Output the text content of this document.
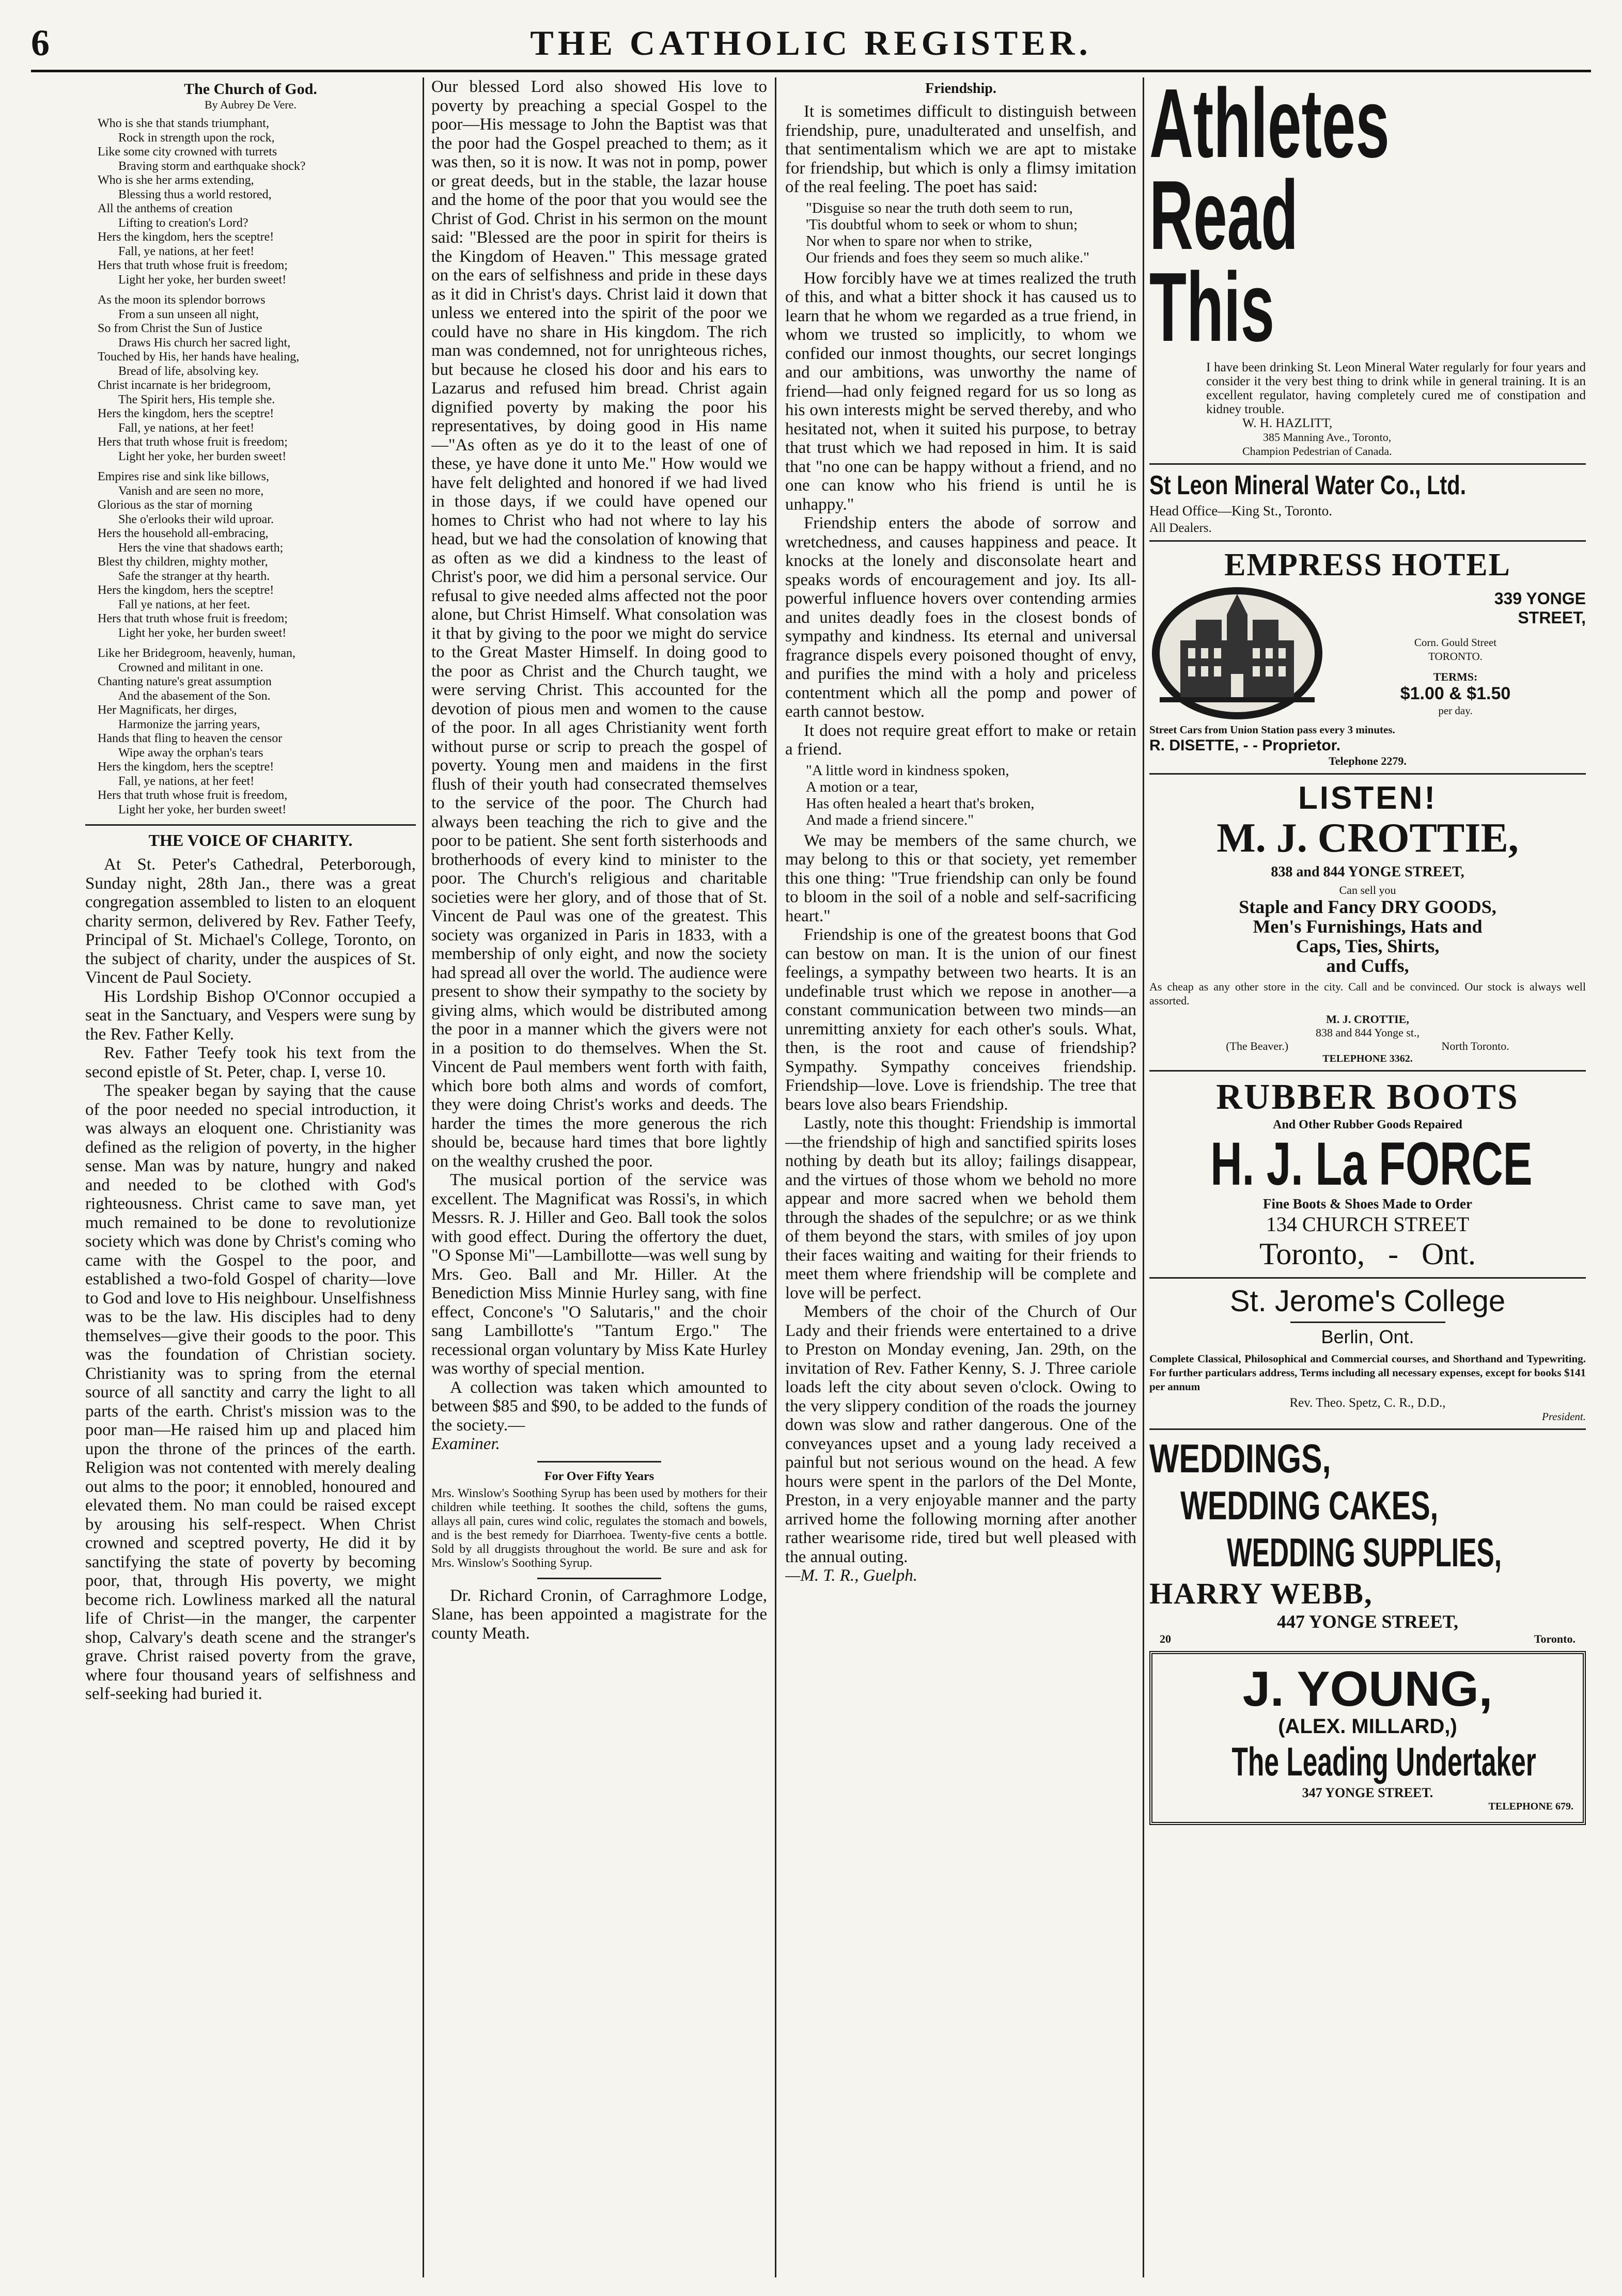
6	THE CATHOLIC REGISTER.

The Church of God.

By Aubrey De Vere.

Who is she that stands triumphant,
Rock in strength upon the rock,
Like some city crowned with turrets
Braving storm and earthquake shock?
Who is she her arms extending,
Blessing thus a world restored,
All the anthems of creation
Lifting to creation's Lord?
Hers the kingdom, hers the sceptre!
Fall, ye nations, at her feet!
Hers that truth whose fruit is freedom;
Light her yoke, her burden sweet!
As the moon its splendor borrows
From a sun unseen all night,
So from Christ the Sun of Justice
Draws His church her sacred light,
Touched by His, her hands have healing,
Bread of life, absolving key.
Christ incarnate is her bridegroom,
The Spirit hers, His temple she.
Hers the kingdom, hers the sceptre!
Fall, ye nations, at her feet!
Hers that truth whose fruit is freedom;
Light her yoke, her burden sweet!
Empires rise and sink like billows,
Vanish and are seen no more,
Glorious as the star of morning
She o'erlooks their wild uproar.
Hers the household all-embracing,
Hers the vine that shadows earth;
Blest thy children, mighty mother,
Safe the stranger at thy hearth.
Hers the kingdom, hers the sceptre!
Fall ye nations, at her feet.
Hers that truth whose fruit is freedom;
Light her yoke, her burden sweet!
Like her Bridegroom, heavenly, human,
Crowned and militant in one.
Chanting nature's great assumption
And the abasement of the Son.
Her Magnificats, her dirges,
Harmonize the jarring years,
Hands that fling to heaven the censor
Wipe away the orphan's tears
Hers the kingdom, hers the sceptre!
Fall, ye nations, at her feet!
Hers that truth whose fruit is freedom,
Light her yoke, her burden sweet!

THE VOICE OF CHARITY.

At St. Peter's Cathedral, Peterborough, Sunday night, 28th Jan., there was a great congregation assembled to listen to an eloquent charity sermon, delivered by Rev. Father Teefy, Principal of St. Michael's College, Toronto, on the subject of charity, under the auspices of St. Vincent de Paul Society.

His Lordship Bishop O'Connor occupied a seat in the Sanctuary, and Vespers were sung by the Rev. Father Kelly.

Rev. Father Teefy took his text from the second epistle of St. Peter, chap. I, verse 10.

The speaker began by saying that the cause of the poor needed no special introduction, it was always an eloquent one. Christianity was defined as the religion of poverty, in the higher sense. Man was by nature, hungry and naked and needed to be clothed with God's righteousness. Christ came to save man, yet much remained to be done to revolutionize society which was done by Christ's coming who came with the Gospel to the poor, and established a two-fold Gospel of charity—love to God and love to His neighbour. Unselfishness was to be the law. His disciples had to deny themselves—give their goods to the poor. This was the foundation of Christian society. Christianity was to spring from the eternal source of all sanctity and carry the light to all parts of the earth. Christ's mission was to the poor man—He raised him up and placed him upon the throne of the princes of the earth. Religion was not contented with merely dealing out alms to the poor; it ennobled, honoured and elevated them. No man could be raised except by arousing his self-respect. When Christ crowned and sceptred poverty, He did it by sanctifying the state of poverty by becoming poor, that, through His poverty, we might become rich. Lowliness marked all the natural life of Christ—in the manger, the carpenter shop, Calvary's death scene and the stranger's grave. Christ raised poverty from the grave, where four thousand years of selfishness and self-seeking had buried it.

Our blessed Lord also showed His love to poverty by preaching a special Gospel to the poor—His message to John the Baptist was that the poor had the Gospel preached to them; as it was then, so it is now. It was not in pomp, power or great deeds, but in the stable, the lazar house and the home of the poor that you would see the Christ of God. Christ in his sermon on the mount said: "Blessed are the poor in spirit for theirs is the Kingdom of Heaven." This message grated on the ears of selfishness and pride in these days as it did in Christ's days. Christ laid it down that unless we entered into the spirit of the poor we could have no share in His kingdom. The rich man was condemned, not for unrighteous riches, but because he closed his door and his ears to Lazarus and refused him bread. Christ again dignified poverty by making the poor his representatives, by doing good in His name—"As often as ye do it to the least of one of these, ye have done it unto Me." How would we have felt delighted and honored if we had lived in those days, if we could have opened our homes to Christ who had not where to lay his head, but we had the consolation of knowing that as often as we did a kindness to the least of Christ's poor, we did him a personal service. Our refusal to give needed alms affected not the poor alone, but Christ Himself. What consolation was it that by giving to the poor we might do service to the Great Master Himself. In doing good to the poor as Christ and the Church taught, we were serving Christ. This accounted for the devotion of pious men and women to the cause of the poor. In all ages Christianity went forth without purse or scrip to preach the gospel of poverty. Young men and maidens in the first flush of their youth had consecrated themselves to the service of the poor. The Church had always been teaching the rich to give and the poor to be patient. She sent forth sisterhoods and brotherhoods of every kind to minister to the poor. The Church's religious and charitable societies were her glory, and of those that of St. Vincent de Paul was one of the greatest. This society was organized in Paris in 1833, with a membership of only eight, and now the society had spread all over the world. The audience were present to show their sympathy to the society by giving alms, which would be distributed among the poor in a manner which the givers were not in a position to do themselves. When the St. Vincent de Paul members went forth with faith, which bore both alms and words of comfort, they were doing Christ's works and deeds. The harder the times the more generous the rich should be, because hard times that bore lightly on the wealthy crushed the poor.

The musical portion of the service was excellent. The Magnificat was Rossi's, in which Messrs. R. J. Hiller and Geo. Ball took the solos with good effect. During the offertory the duet, "O Sponse Mi"—Lambillotte—was well sung by Mrs. Geo. Ball and Mr. Hiller. At the Benediction Miss Minnie Hurley sang, with fine effect, Concone's "O Salutaris," and the choir sang Lambillotte's "Tantum Ergo." The recessional organ voluntary by Miss Kate Hurley was worthy of special mention.

A collection was taken which amounted to between $85 and $90, to be added to the funds of the society.—

Examiner.

For Over Fifty Years

Mrs. Winslow's Soothing Syrup has been used by mothers for their children while teething. It soothes the child, softens the gums, allays all pain, cures wind colic, regulates the stomach and bowels, and is the best remedy for Diarrhoea. Twenty-five cents a bottle. Sold by all druggists throughout the world. Be sure and ask for Mrs. Winslow's Soothing Syrup.

Dr. Richard Cronin, of Carraghmore Lodge, Slane, has been appointed a magistrate for the county Meath.

Friendship.

It is sometimes difficult to distinguish between friendship, pure, unadulterated and unselfish, and that sentimentalism which we are apt to mistake for friendship, but which is only a flimsy imitation of the real feeling. The poet has said:

"Disguise so near the truth doth seem to run,
'Tis doubtful whom to seek or whom to shun;
Nor when to spare nor when to strike,
Our friends and foes they seem so much alike."

How forcibly have we at times realized the truth of this, and what a bitter shock it has caused us to learn that he whom we regarded as a true friend, in whom we trusted so implicitly, to whom we confided our inmost thoughts, our secret longings and our ambitions, was unworthy the name of friend—had only feigned regard for us so long as his own interests might be served thereby, and who hesitated not, when it suited his purpose, to betray that trust which we had reposed in him. It is said that "no one can be happy without a friend, and no one can know who his friend is until he is unhappy."

Friendship enters the abode of sorrow and wretchedness, and causes happiness and peace. It knocks at the lonely and disconsolate heart and speaks words of encouragement and joy. Its all-powerful influence hovers over contending armies and unites deadly foes in the closest bonds of sympathy and kindness. Its eternal and universal fragrance dispels every poisoned thought of envy, and purifies the mind with a holy and priceless contentment which all the pomp and power of earth cannot bestow.

It does not require great effort to make or retain a friend.

"A little word in kindness spoken,
A motion or a tear,
Has often healed a heart that's broken,
And made a friend sincere."

We may be members of the same church, we may belong to this or that society, yet remember this one thing: "True friendship can only be found to bloom in the soil of a noble and self-sacrificing heart."

Friendship is one of the greatest boons that God can bestow on man. It is the union of our finest feelings, a sympathy between two hearts. It is an undefinable trust which we repose in another—a constant communication between two minds—an unremitting anxiety for each other's souls. What, then, is the root and cause of friendship? Sympathy. Sympathy conceives friendship. Friendship—love. Love is friendship. The tree that bears love also bears Friendship.

Lastly, note this thought: Friendship is immortal—the friendship of high and sanctified spirits loses nothing by death but its alloy; failings disappear, and the virtues of those whom we behold no more appear and more sacred when we behold them through the shades of the sepulchre; or as we think of them beyond the stars, with smiles of joy upon their faces waiting and waiting for their friends to meet them where friendship will be complete and love will be perfect.

Members of the choir of the Church of Our Lady and their friends were entertained to a drive to Preston on Monday evening, Jan. 29th, on the invitation of Rev. Father Kenny, S. J. Three cariole loads left the city about seven o'clock. Owing to the very slippery condition of the roads the journey down was slow and rather dangerous. One of the conveyances upset and a young lady received a painful but not serious wound on the head. A few hours were spent in the parlors of the Del Monte, Preston, in a very enjoyable manner and the party arrived home the following morning after another rather wearisome ride, tired but well pleased with the annual outing.

—M. T. R., Guelph.

Athletes
Read
This

I have been drinking St. Leon Mineral Water regularly for four years and consider it the very best thing to drink while in general training. It is an excellent regulator, having completely cured me of constipation and kidney trouble.

W. H. HAZLITT,

385 Manning Ave., Toronto,

Champion Pedestrian of Canada.

St Leon Mineral Water Co., Ltd.

Head Office—King St., Toronto.

All Dealers.

EMPRESS HOTEL

339 YONGE

STREET,

Corn. Gould Street

TORONTO.

TERMS:

$1.00 & $1.50

per day.

Street Cars from Union Station pass every 3 minutes.

R. DISETTE, - - Proprietor.

Telephone 2279.

LISTEN!

M. J. CROTTIE,

838 and 844 YONGE STREET,

Can sell you

Staple and Fancy DRY GOODS,

Men's Furnishings, Hats and

Caps, Ties, Shirts,

and Cuffs,

As cheap as any other store in the city. Call and be convinced. Our stock is always well assorted.

M. J. CROTTIE,

838 and 844 Yonge st.,

(The Beaver.)	North Toronto.

TELEPHONE 3362.

RUBBER BOOTS

And Other Rubber Goods Repaired

H. J. La FORCE

Fine Boots & Shoes Made to Order

134 CHURCH STREET

Toronto,   -   Ont.

St. Jerome's College

Berlin, Ont.

Complete Classical, Philosophical and Commercial courses, and Shorthand and Typewriting. For further particulars address, Terms including all necessary expenses, except for books $141 per annum

Rev. Theo. Spetz, C. R., D.D.,

President.

WEDDINGS,

WEDDING CAKES,

WEDDING SUPPLIES,

HARRY WEBB,

447 YONGE STREET,

20	Toronto.

J. YOUNG,

(ALEX. MILLARD,)

The Leading Undertaker

347 YONGE STREET.

TELEPHONE 679.
